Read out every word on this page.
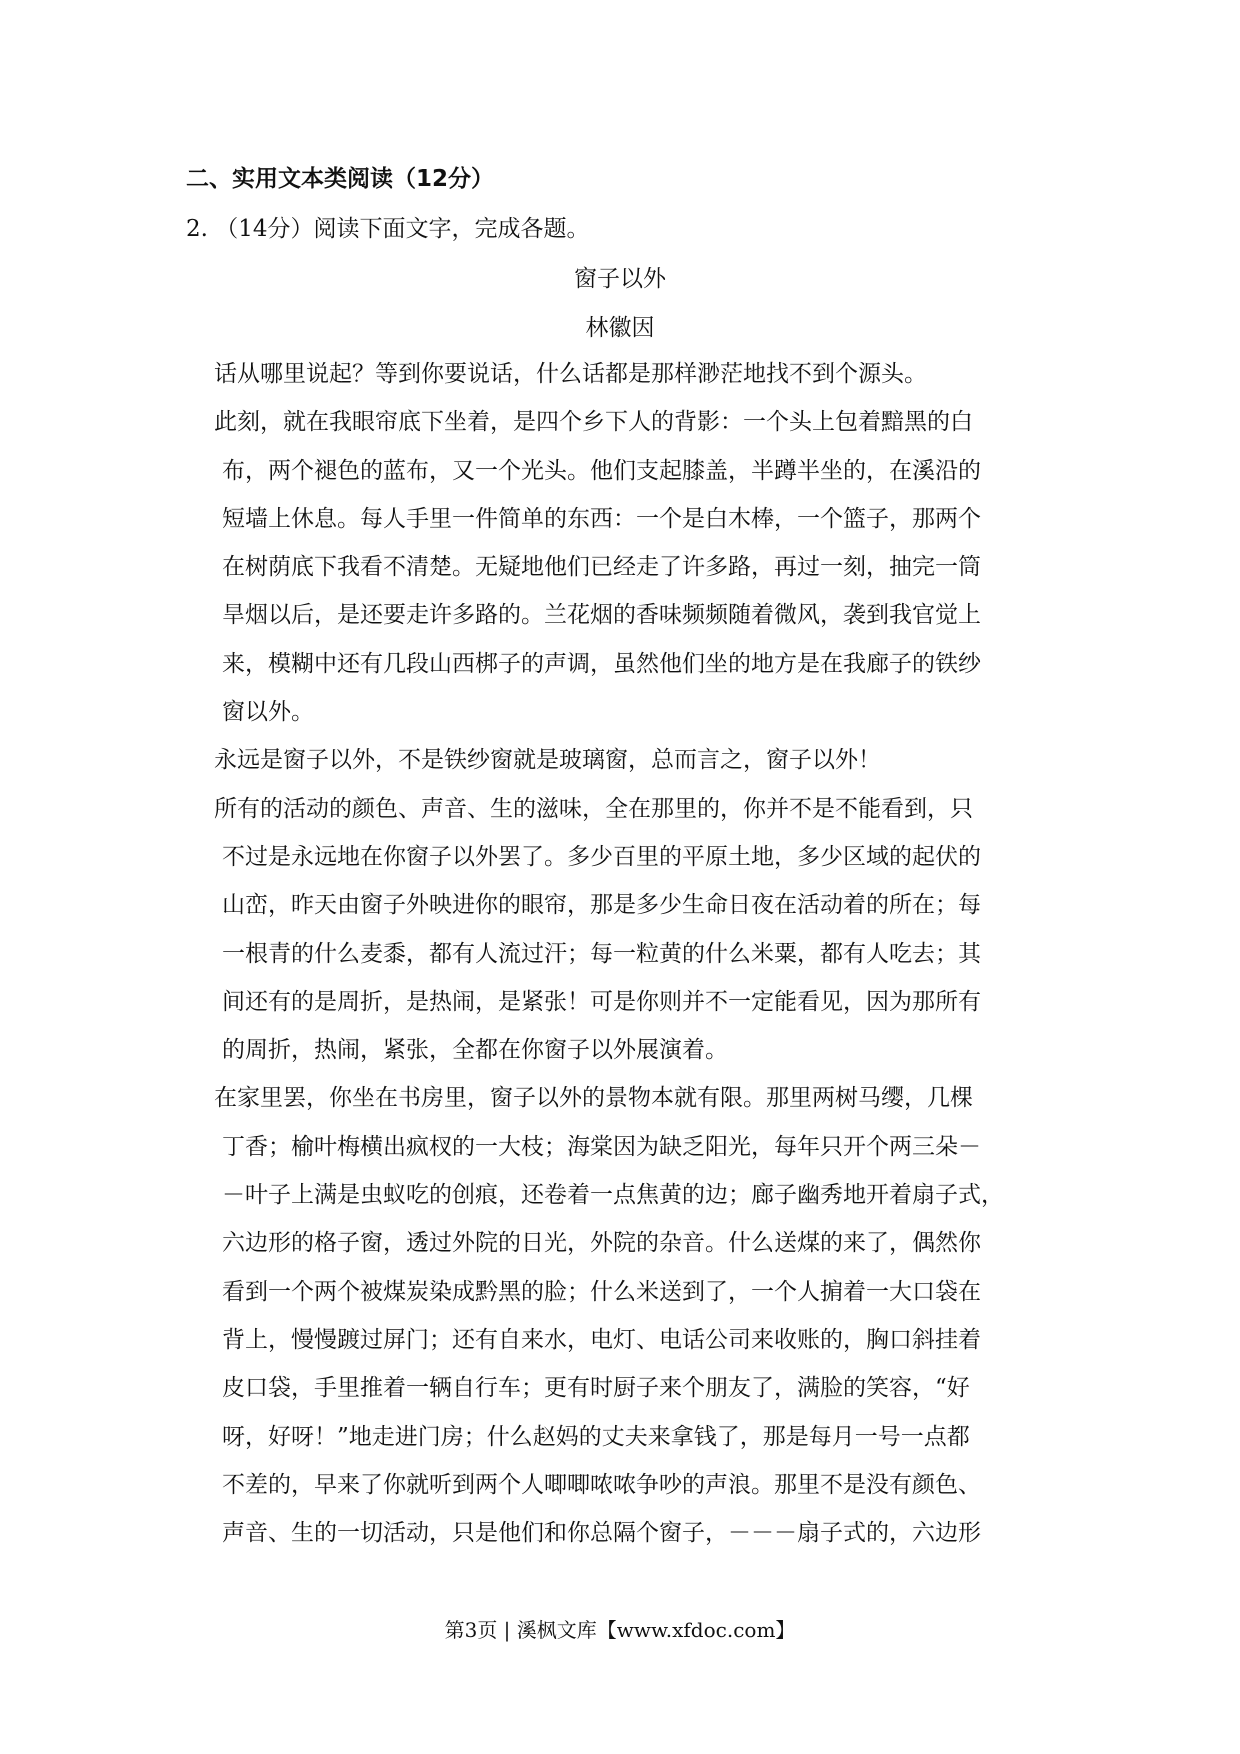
二、实用文本类阅读（12分）
2. （14分）阅读下面文字，完成各题。
窗子以外
林徽因
话从哪里说起？等到你要说话，什么话都是那样渺茫地找不到个源头。
此刻，就在我眼帘底下坐着，是四个乡下人的背影：一个头上包着黯黑的白
布，两个褪色的蓝布，又一个光头。他们支起膝盖，半蹲半坐的，在溪沿的
短墙上休息。每人手里一件简单的东西：一个是白木棒，一个篮子，那两个
在树荫底下我看不清楚。无疑地他们已经走了许多路，再过一刻，抽完一筒
旱烟以后，是还要走许多路的。兰花烟的香味频频随着微风，袭到我官觉上
来，模糊中还有几段山西梆子的声调，虽然他们坐的地方是在我廊子的铁纱
窗以外。
永远是窗子以外，不是铁纱窗就是玻璃窗，总而言之，窗子以外！
所有的活动的颜色、声音、生的滋味，全在那里的，你并不是不能看到，只
不过是永远地在你窗子以外罢了。多少百里的平原土地，多少区域的起伏的
山峦，昨天由窗子外映进你的眼帘，那是多少生命日夜在活动着的所在；每
一根青的什么麦黍，都有人流过汗；每一粒黄的什么米粟，都有人吃去；其
间还有的是周折，是热闹，是紧张！可是你则并不一定能看见，因为那所有
的周折，热闹，紧张，全都在你窗子以外展演着。
在家里罢，你坐在书房里，窗子以外的景物本就有限。那里两树马缨，几棵
丁香；榆叶梅横出疯杈的一大枝；海棠因为缺乏阳光，每年只开个两三朵－
－叶子上满是虫蚁吃的创痕，还卷着一点焦黄的边；廊子幽秀地开着扇子式，
六边形的格子窗，透过外院的日光，外院的杂音。什么送煤的来了，偶然你
看到一个两个被煤炭染成黔黑的脸；什么米送到了，一个人掮着一大口袋在
背上，慢慢踱过屏门；还有自来水，电灯、电话公司来收账的，胸口斜挂着
皮口袋，手里推着一辆自行车；更有时厨子来个朋友了，满脸的笑容，“好
呀，好呀！”地走进门房；什么赵妈的丈夫来拿钱了，那是每月一号一点都
不差的，早来了你就听到两个人唧唧哝哝争吵的声浪。那里不是没有颜色、
声音、生的一切活动，只是他们和你总隔个窗子，－－－扇子式的，六边形
第3页 | 溪枫文库【www.xfdoc.com】
